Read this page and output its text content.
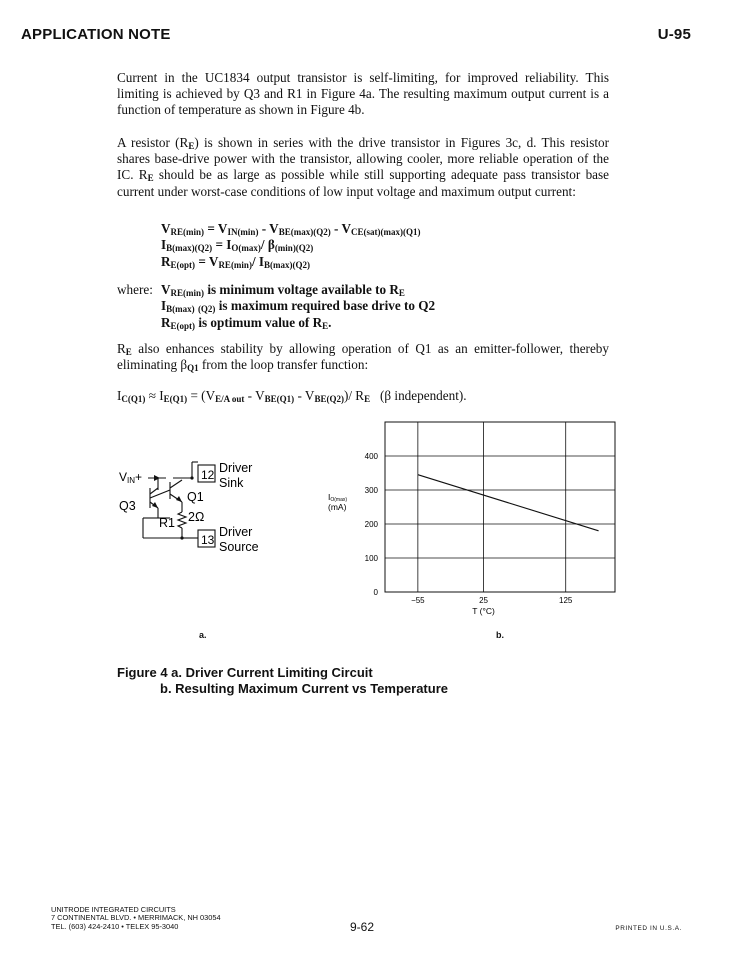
APPLICATION NOTE	U-95

Current in the UC1834 output transistor is self-limiting, for improved reliability. This limiting is achieved by Q3 and R1 in Figure 4a. The resulting maximum output current is a function of temperature as shown in Figure 4b.

A resistor $(R_E)$ is shown in series with the drive transistor in Figures 3c, d. This resistor shares base-drive power with the transistor, allowing cooler, more reliable operation of the IC. $R_E$ should be as large as possible while still supporting adequate pass transistor base current under worst-case conditions of low input voltage and maximum output current:

$V_{RE(min)} = V_{IN(min)} - V_{BE(max)(Q2)} - V_{CE(sat)(max)(Q1)}$
$I_{B(max)(Q2)} = I_{O(max)}/$ $\beta_{(min)(Q2)}$
$R_{E(opt)} = V_{RE(min)}/$ $I_{B(max)(Q2)}$
where: $V_{RE(min)}$ is minimum voltage available to $R_E$
$I_{B(max)}$ $_{(Q2)}$ is maximum required base drive to Q2
$R_{E(opt)}$ is optimum value of $R_E$.

$R_E$ also enhances stability by allowing operation of Q1 as an emitter-follower, thereby eliminating $\beta_{Q1}$ from the loop transfer function:

$I_{C(Q1)} \approx I_{E(Q1)} = (V_{E/A out} - V_{BE(Q1)} - V_{BE(Q2)})/$ $R_E$   (β independent).
VIN+	12 Driver
Sink
Q1
Q3
R1 2Ω
13
Driver
Source
a.
0
100
200
300
400
−55	25	125
T (°C)
IO(max)
(mA)
b.
Figure 4 a. Driver Current Limiting Circuit
b. Resulting Maximum Current vs Temperature
UNITRODE INTEGRATED CIRCUITS
7 CONTINENTAL BLVD. • MERRIMACK, NH 03054
TEL. (603) 424-2410 • TELEX 95-3040	9-62	PRINTED IN U.S.A.
